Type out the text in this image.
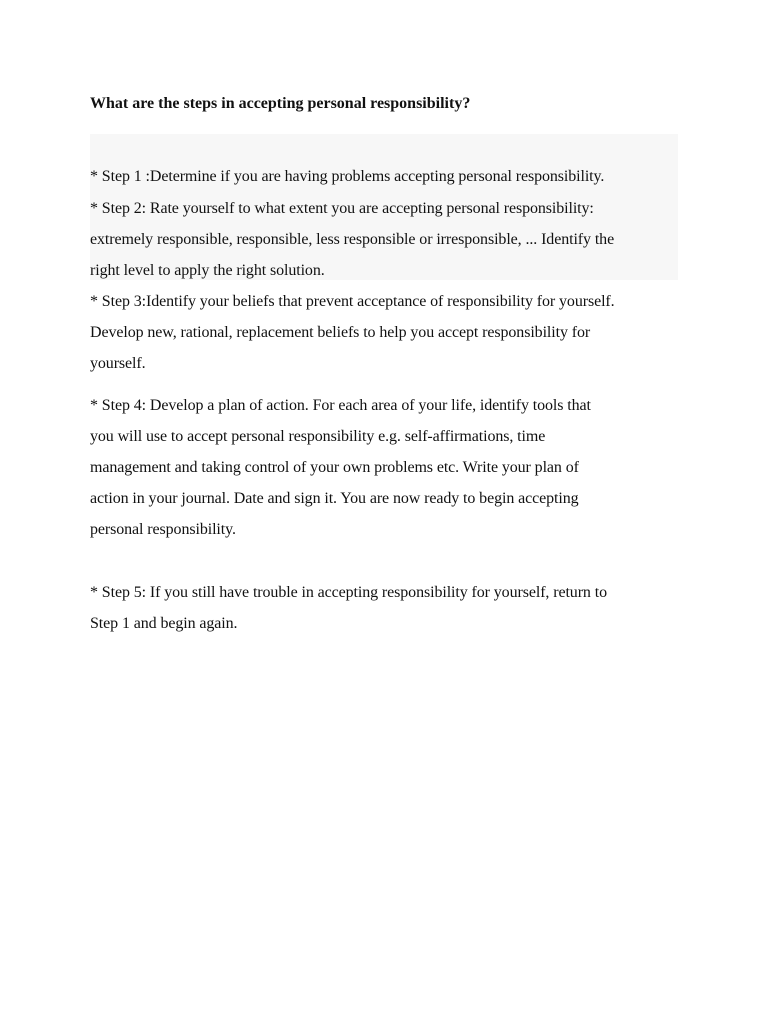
What are the steps in accepting personal responsibility?
* Step 1 :Determine if you are having problems accepting personal responsibility.
* Step 2: Rate yourself to what extent you are accepting personal responsibility:
extremely responsible, responsible, less responsible or irresponsible, ... Identify the
right level to apply the right solution.
* Step 3:Identify your beliefs that prevent acceptance of responsibility for yourself.
Develop new, rational, replacement beliefs to help you accept responsibility for
yourself.
* Step 4: Develop a plan of action. For each area of your life, identify tools that
you will use to accept personal responsibility e.g. self-affirmations, time
management and taking control of your own problems etc. Write your plan of
action in your journal. Date and sign it. You are now ready to begin accepting
personal responsibility.
* Step 5: If you still have trouble in accepting responsibility for yourself, return to
Step 1 and begin again.
